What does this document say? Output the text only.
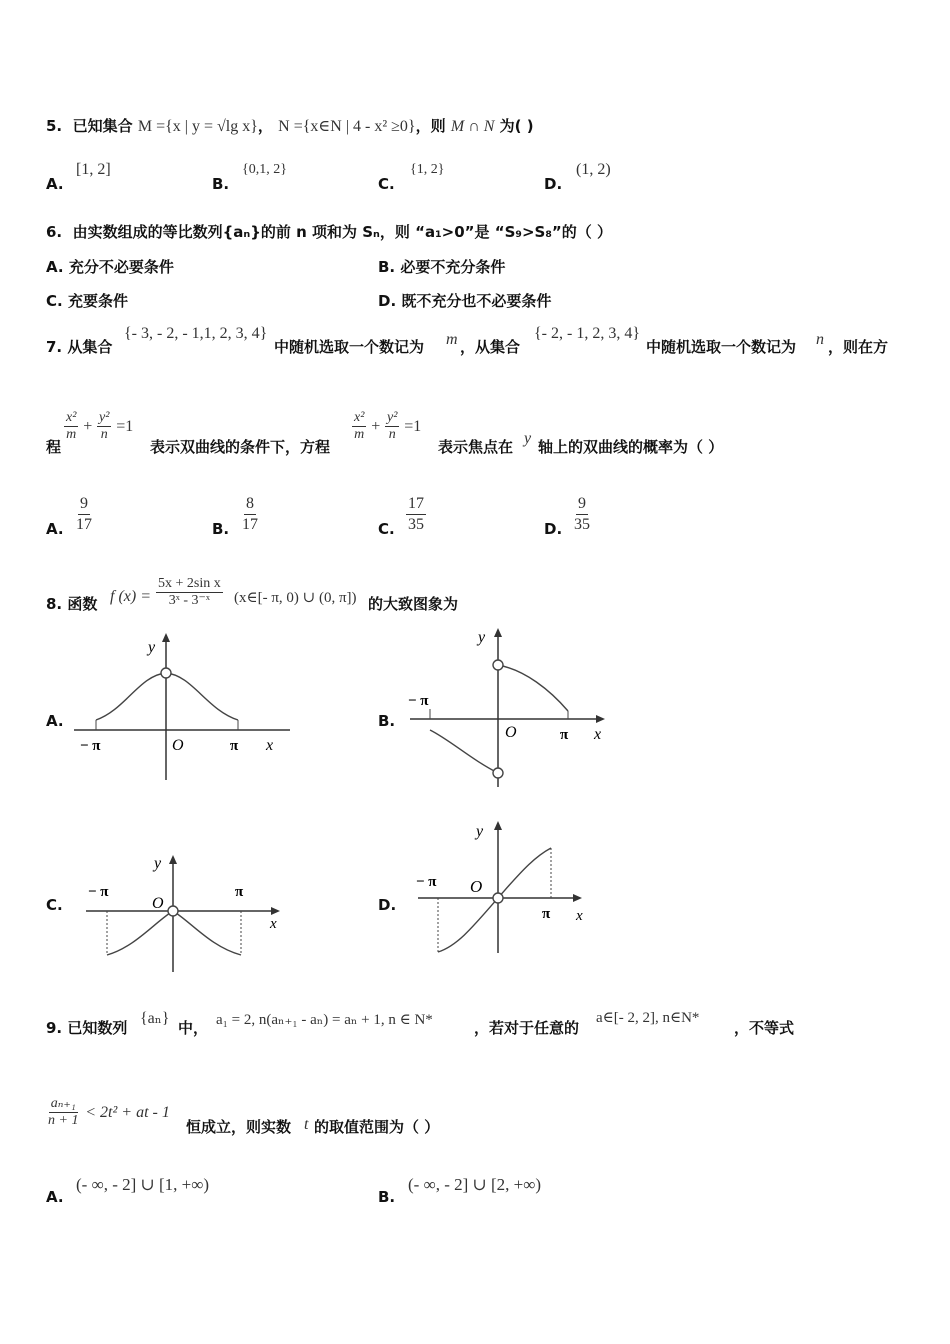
5. 已知集合 M ={x | y = √lg x}， N ={x∈N | 4 - x² ≥0}，则 M ∩ N 为( )
A.
[1, 2]
B.
{0,1, 2}
C.
{1, 2}
D.
(1, 2)
6. 由实数组成的等比数列{aₙ}的前 n 项和为 Sₙ，则 “a₁>0”是 “S₉>S₈”的（ ）
A. 充分不必要条件	B. 必要不充分条件
C. 充要条件	D. 既不充分也不必要条件
7. 从集合
{- 3, - 2, - 1,1, 2, 3, 4}
中随机选取一个数记为 m ，从集合
{- 2, - 1, 2, 3, 4}
中随机选取一个数记为 n ，则在方
程
$\frac{\text{x²}}{m} + \frac{\text{y²}}{n} =1$
表示双曲线的条件下，方程
$\frac{\text{x²}}{m} + \frac{\text{y²}}{n} =1$
表示焦点在 y 轴上的双曲线的概率为（ ）
A. $\frac{9}{17}$	B. $\frac{8}{17}$	C. $\frac{17}{35}$	D. $\frac{9}{35}$
8. 函数 f $(x) = \frac{\text{5x + 2sin x}}{\text{3ˣ - 3⁻ˣ}}$ (x∈[- π, 0) ∪ (0, π]) 的大致图象为
A.
y
x
O
− π	π
B.
y
x
O
− π
π
C.
y
x
O
− π	π
D.
y
x
O
− π
π
9. 已知数列
{aₙ}
中， a₁ = 2, n(aₙ₊₁ - aₙ) = aₙ + 1, n ∈ N*	，若对于任意的
a∈[- 2, 2], n∈N*
，不等式
$\frac{\text{aₙ₊₁}}{n + 1} < 2t^2$ + at - 1
恒成立，则实数 t 的取值范围为（ ）
A.
(- ∞, - 2] ∪ [1, +∞)
B.
(- ∞, - 2] ∪ [2, +∞)
